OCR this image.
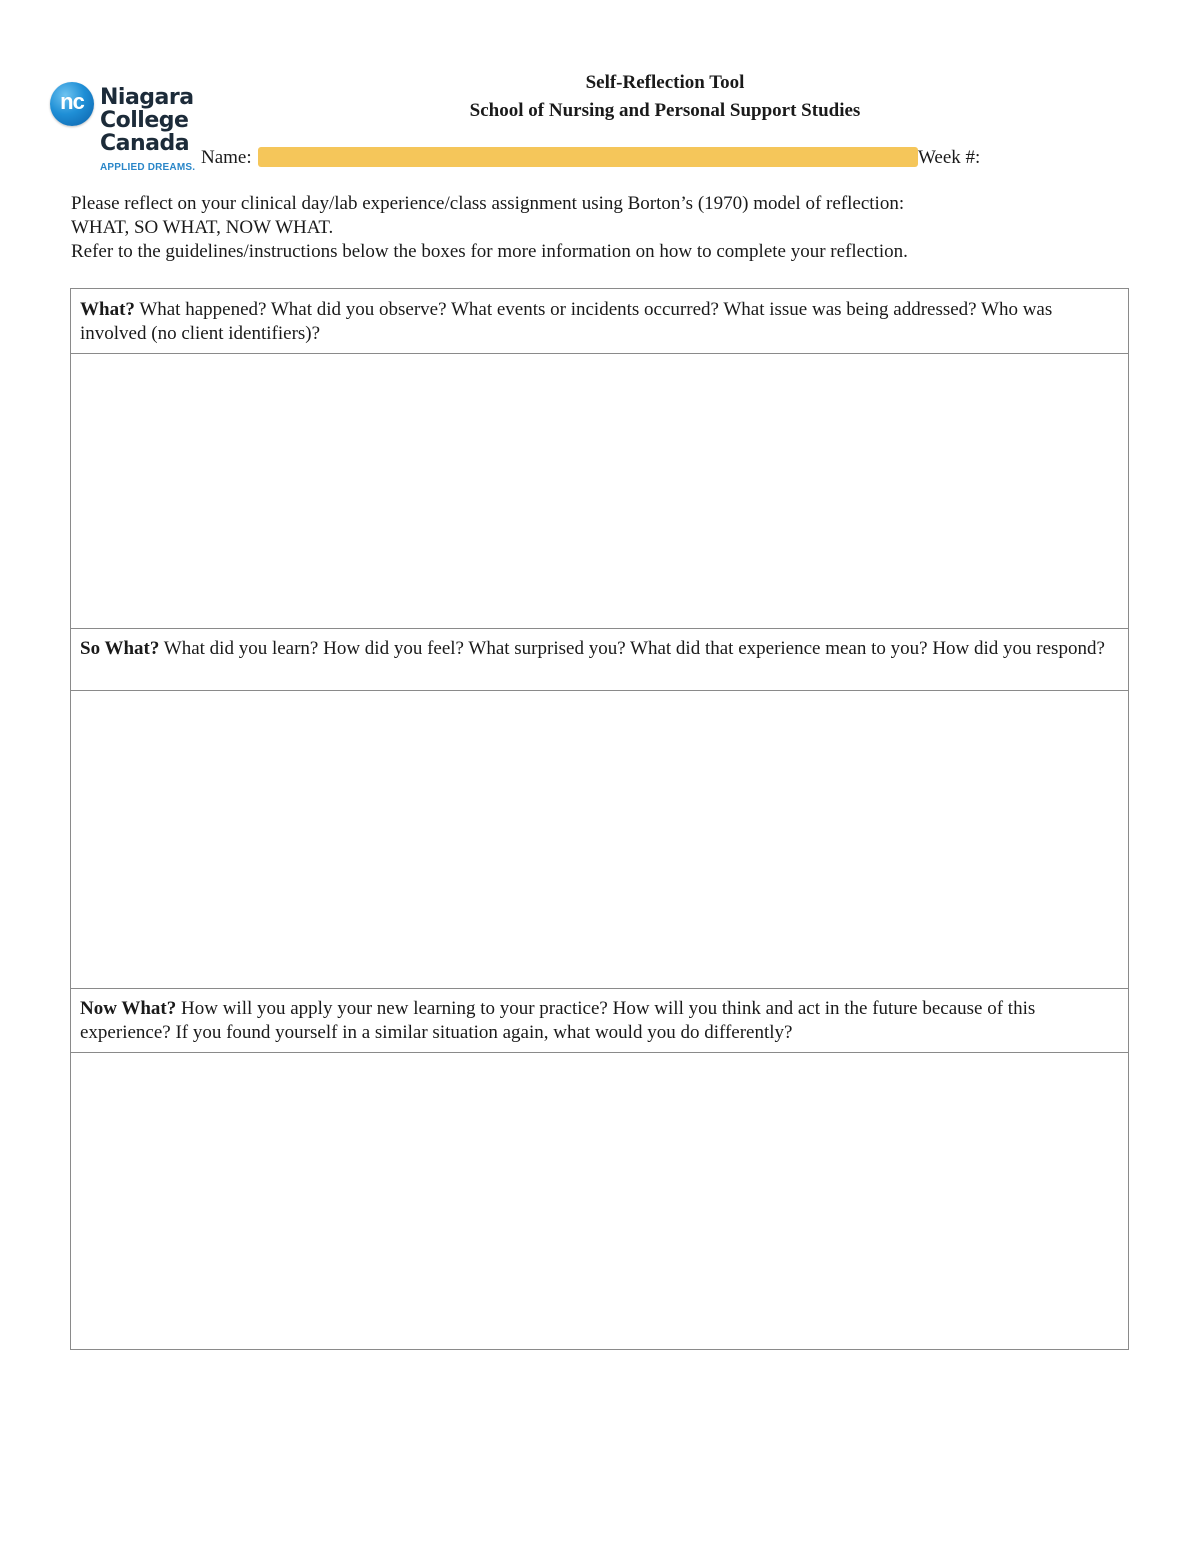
nc Niagara
College
Canada
APPLIED DREAMS.
Self-Reflection Tool
School of Nursing and Personal Support Studies
Name:	Week #:
Please reflect on your clinical day/lab experience/class assignment using Borton’s (1970) model of reflection:
WHAT, SO WHAT, NOW WHAT.
Refer to the guidelines/instructions below the boxes for more information on how to complete your reflection.
What? What happened? What did you observe? What events or incidents occurred? What issue was being addressed? Who was involved (no client identifiers)?
So What? What did you learn? How did you feel? What surprised you? What did that experience mean to you? How did you respond?
Now What? How will you apply your new learning to your practice? How will you think and act in the future because of this experience? If you found yourself in a similar situation again, what would you do differently?
